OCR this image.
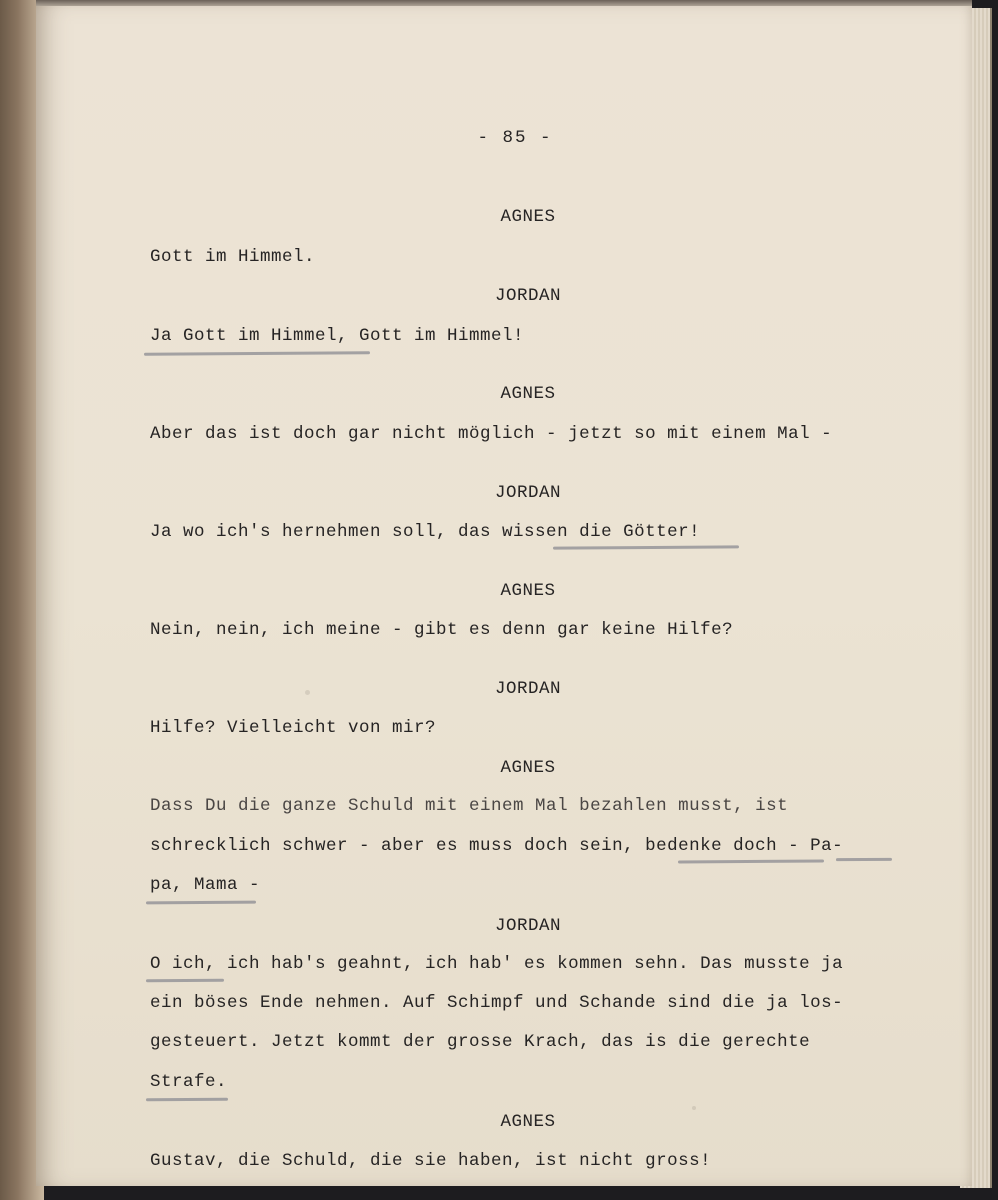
- 85 -
AGNES
Gott im Himmel.
JORDAN
Ja Gott im Himmel, Gott im Himmel!
AGNES
Aber das ist doch gar nicht möglich - jetzt so mit einem Mal -
JORDAN
Ja wo ich's hernehmen soll, das wissen die Götter!
AGNES
Nein, nein, ich meine - gibt es denn gar keine Hilfe?
JORDAN
Hilfe? Vielleicht von mir?
AGNES
Dass Du die ganze Schuld mit einem Mal bezahlen musst, ist
schrecklich schwer - aber es muss doch sein, bedenke doch - Pa-
pa, Mama -
JORDAN
O ich, ich hab's geahnt, ich hab' es kommen sehn. Das musste ja
ein böses Ende nehmen. Auf Schimpf und Schande sind die ja los-
gesteuert. Jetzt kommt der grosse Krach, das is die gerechte
Strafe.
AGNES
Gustav, die Schuld, die sie haben, ist nicht gross!
